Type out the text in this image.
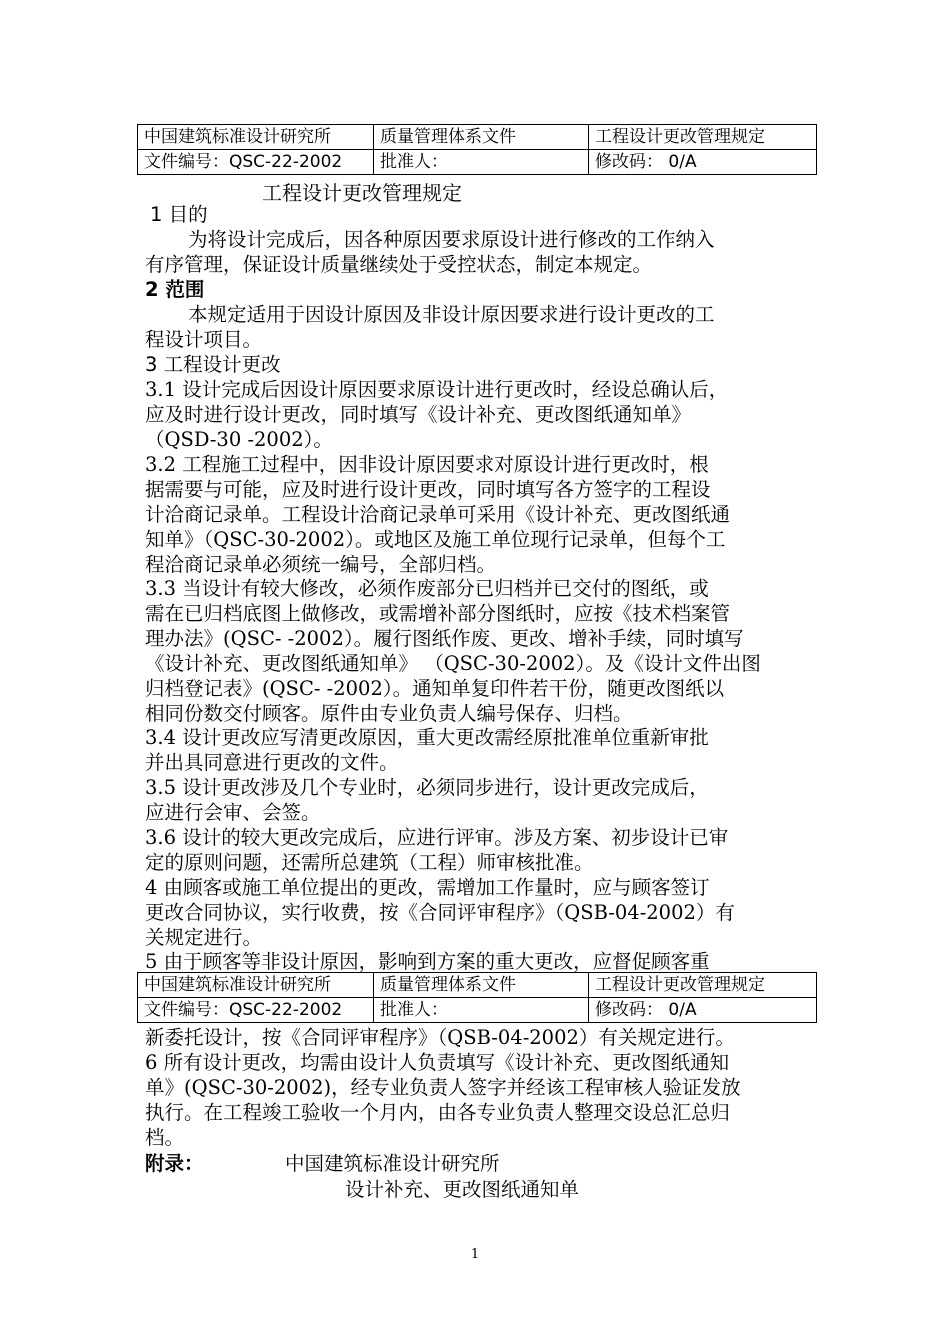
中国建筑标准设计研究所	质量管理体系文件	工程设计更改管理规定
文件编号：QSC-22-2002	批准人：	修改码： 0/A
工程设计更改管理规定
1 目的
为将设计完成后，因各种原因要求原设计进行修改的工作纳入
有序管理，保证设计质量继续处于受控状态，制定本规定。
2 范围
本规定适用于因设计原因及非设计原因要求进行设计更改的工
程设计项目。
3 工程设计更改
3.1 设计完成后因设计原因要求原设计进行更改时，经设总确认后，
应及时进行设计更改，同时填写《设计补充、更改图纸通知单》
（QSD-30 -2002）。
3.2 工程施工过程中，因非设计原因要求对原设计进行更改时，根
据需要与可能，应及时进行设计更改，同时填写各方签字的工程设
计洽商记录单。工程设计洽商记录单可采用《设计补充、更改图纸通
知单》（QSC-30-2002）。或地区及施工单位现行记录单，但每个工
程洽商记录单必须统一编号，全部归档。
3.3 当设计有较大修改，必须作废部分已归档并已交付的图纸，或
需在已归档底图上做修改，或需增补部分图纸时，应按《技术档案管
理办法》(QSC- -2002）。履行图纸作废、更改、增补手续，同时填写
《设计补充、更改图纸通知单》 （QSC-30-2002）。及《设计文件出图
归档登记表》(QSC- -2002）。通知单复印件若干份，随更改图纸以
相同份数交付顾客。原件由专业负责人编号保存、归档。
3.4 设计更改应写清更改原因，重大更改需经原批准单位重新审批
并出具同意进行更改的文件。
3.5 设计更改涉及几个专业时，必须同步进行，设计更改完成后，
应进行会审、会签。
3.6 设计的较大更改完成后，应进行评审。涉及方案、初步设计已审
定的原则问题，还需所总建筑（工程）师审核批准。
4 由顾客或施工单位提出的更改，需增加工作量时，应与顾客签订
更改合同协议，实行收费，按《合同评审程序》（QSB-04-2002）有
关规定进行。
5 由于顾客等非设计原因，影响到方案的重大更改，应督促顾客重
中国建筑标准设计研究所	质量管理体系文件	工程设计更改管理规定
文件编号：QSC-22-2002	批准人：	修改码： 0/A
新委托设计，按《合同评审程序》（QSB-04-2002）有关规定进行。
6 所有设计更改，均需由设计人负责填写《设计补充、更改图纸通知
单》(QSC-30-2002)，经专业负责人签字并经该工程审核人验证发放
执行。在工程竣工验收一个月内，由各专业负责人整理交设总汇总归
档。
附录：	中国建筑标准设计研究所
设计补充、更改图纸通知单
1
